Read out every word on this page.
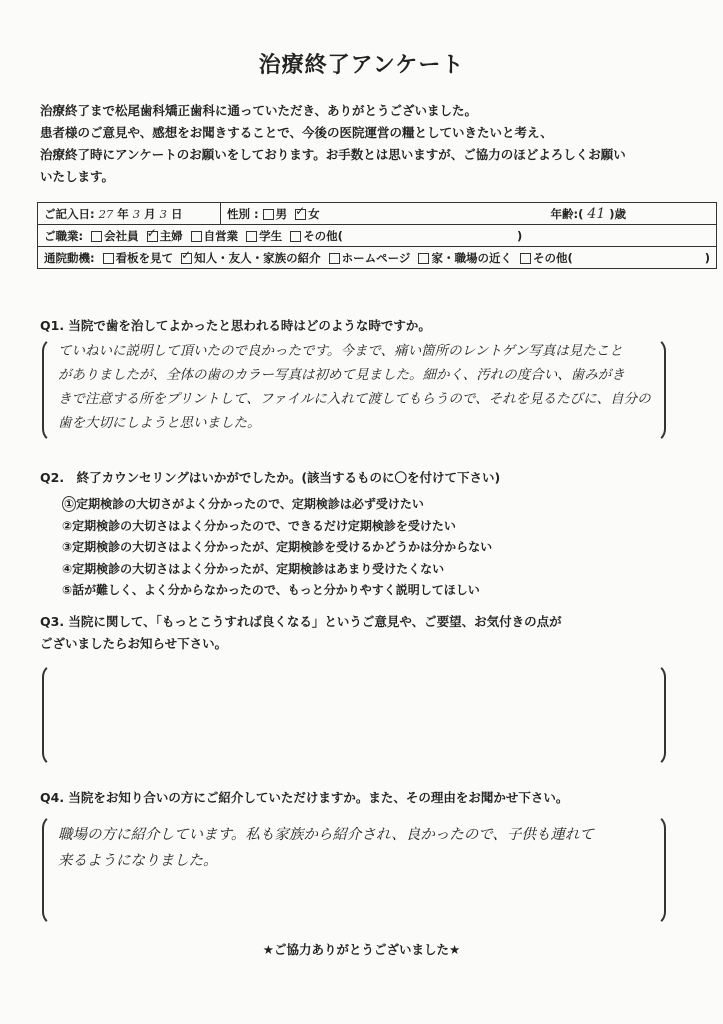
治療終了アンケート
治療終了まで松尾歯科矯正歯科に通っていただき、ありがとうございました。
患者様のご意見や、感想をお聞きすることで、今後の医院運営の糧としていきたいと考え、
治療終了時にアンケートのお願いをしております。お手数とは思いますが、ご協力のほどよろしくお願い
いたします。
ご記入日: 27 年 3 月 3 日	性別 : 男 ✓ 女	年齢:( 41 )歳
ご職業: 会社員 ✓ 主婦 自営業 学生 その他(	)
通院動機: 看板を見て ✓ 知人・友人・家族の紹介 ホームページ 家・職場の近く その他(	)
Q1. 当院で歯を治してよかったと思われる時はどのような時ですか。
ていねいに説明して頂いたので良かったです。今まで、痛い箇所のレントゲン写真は見たこと
がありましたが、全体の歯のカラー写真は初めて見ました。細かく、汚れの度合い、歯みがき
きで注意する所をプリントして、ファイルに入れて渡してもらうので、それを見るたびに、自分の
歯を大切にしようと思いました。
Q2.　終了カウンセリングはいかがでしたか。(該当するものに〇を付けて下さい)
① 定期検診の大切さがよく分かったので、定期検診は必ず受けたい
②定期検診の大切さはよく分かったので、できるだけ定期検診を受けたい
③定期検診の大切さはよく分かったが、定期検診を受けるかどうかは分からない
④定期検診の大切さはよく分かったが、定期検診はあまり受けたくない
⑤話が難しく、よく分からなかったので、もっと分かりやすく説明してほしい
Q3. 当院に関して、「もっとこうすれば良くなる」というご意見や、ご要望、お気付きの点が
ございましたらお知らせ下さい。
Q4. 当院をお知り合いの方にご紹介していただけますか。また、その理由をお聞かせ下さい。
職場の方に紹介しています。私も家族から紹介され、良かったので、子供も連れて
来るようになりました。
★ご協力ありがとうございました★
